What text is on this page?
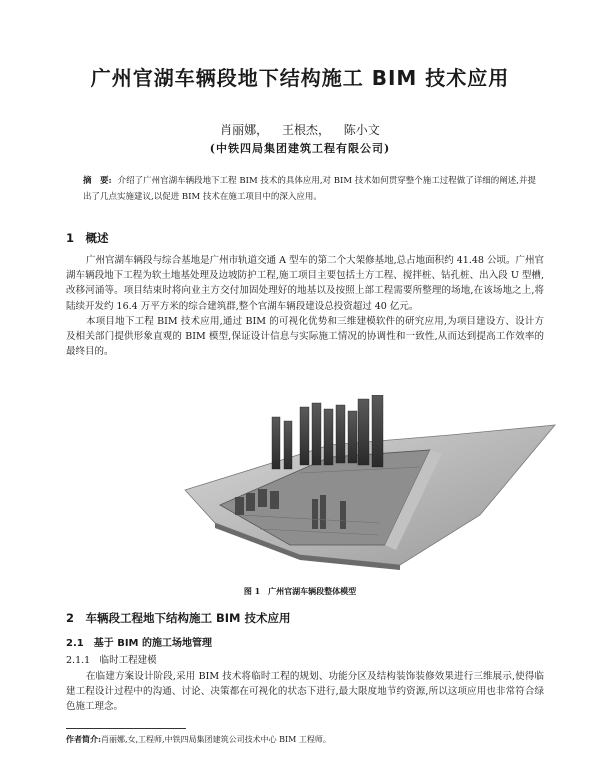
广州官湖车辆段地下结构施工 BIM 技术应用
肖丽娜， 王根杰， 陈小文
(中铁四局集团建筑工程有限公司)
摘　要: 介绍了广州官湖车辆段地下工程 BIM 技术的具体应用,对 BIM 技术如何贯穿整个施工过程做了详细的阐述,并提出了几点实施建议,以促进 BIM 技术在施工项目中的深入应用。
1　概述

广州官湖车辆段与综合基地是广州市轨道交通 A 型车的第二个大架修基地,总占地面积约 41.48 公顷。广州官湖车辆段地下工程为软土地基处理及边坡防护工程,施工项目主要包括土方工程、搅拌桩、钻孔桩、出入段 U 型槽,改移河涌等。项目结束时将向业主方交付加固处理好的地基以及按照上部工程需要所整理的场地,在该场地之上,将陆续开发约 16.4 万平方米的综合建筑群,整个官湖车辆段建设总投资超过 40 亿元。

本项目地下工程 BIM 技术应用,通过 BIM 的可视化优势和三维建模软件的研究应用,为项目建设方、设计方及相关部门提供形象直观的 BIM 模型,保证设计信息与实际施工情况的协调性和一致性,从而达到提高工作效率的最终目的。

图 1　广州官湖车辆段整体模型
2　车辆段工程地下结构施工 BIM 技术应用
2.1　基于 BIM 的施工场地管理
2.1.1　临时工程建模

在临建方案设计阶段,采用 BIM 技术将临时工程的规划、功能分区及结构装饰装修效果进行三维展示,使得临建工程设计过程中的沟通、讨论、决策都在可视化的状态下进行,最大限度地节约资源,所以这项应用也非常符合绿色施工理念。

作者简介:肖丽娜,女,工程师,中铁四局集团建筑公司技术中心 BIM 工程师。
